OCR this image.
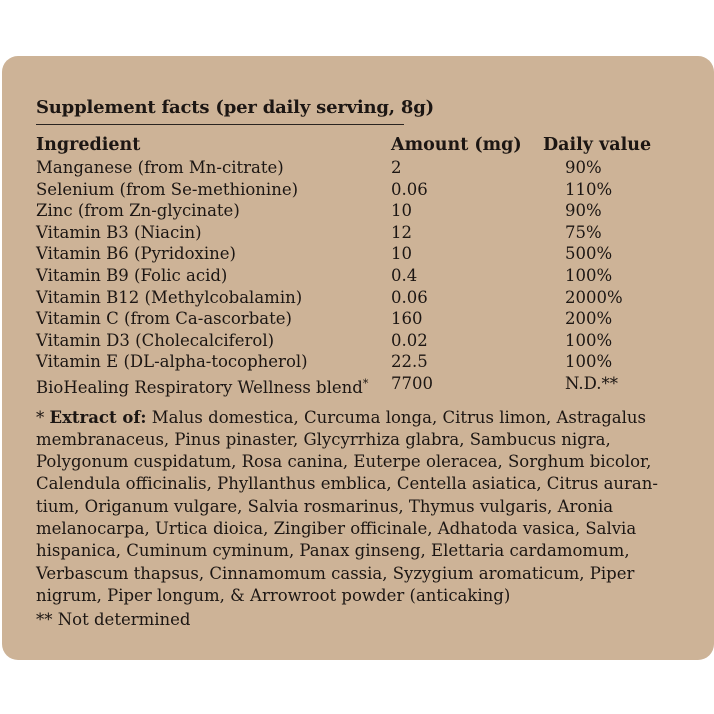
Supplement facts (per daily serving, 8g)
Ingredient	Amount (mg)	Daily value
Manganese (from Mn-citrate)	2	90%
Selenium (from Se-methionine)	0.06	110%
Zinc (from Zn-glycinate)	10	90%
Vitamin B3 (Niacin)	12	75%
Vitamin B6 (Pyridoxine)	10	500%
Vitamin B9 (Folic acid)	0.4	100%
Vitamin B12 (Methylcobalamin)	0.06	2000%
Vitamin C (from Ca-ascorbate)	160	200%
Vitamin D3 (Cholecalciferol)	0.02	100%
Vitamin E (DL-alpha-tocopherol)	22.5	100%
BioHealing Respiratory Wellness blend*	7700	N.D.**
* Extract of: Malus domestica, Curcuma longa, Citrus limon, Astragalus membranaceus, Pinus pinaster, Glycyrrhiza glabra, Sambucus nigra, Polygonum cuspidatum, Rosa canina, Euterpe oleracea, Sorghum bicolor, Calendula officinalis, Phyllanthus emblica, Centella asiatica, Citrus auran-tium, Origanum vulgare, Salvia rosmarinus, Thymus vulgaris, Aronia melanocarpa, Urtica dioica, Zingiber officinale, Adhatoda vasica, Salvia hispanica, Cuminum cyminum, Panax ginseng, Elettaria cardamomum, Verbascum thapsus, Cinnamomum cassia, Syzygium aromaticum, Piper nigrum, Piper longum, & Arrowroot powder (anticaking)
** Not determined
